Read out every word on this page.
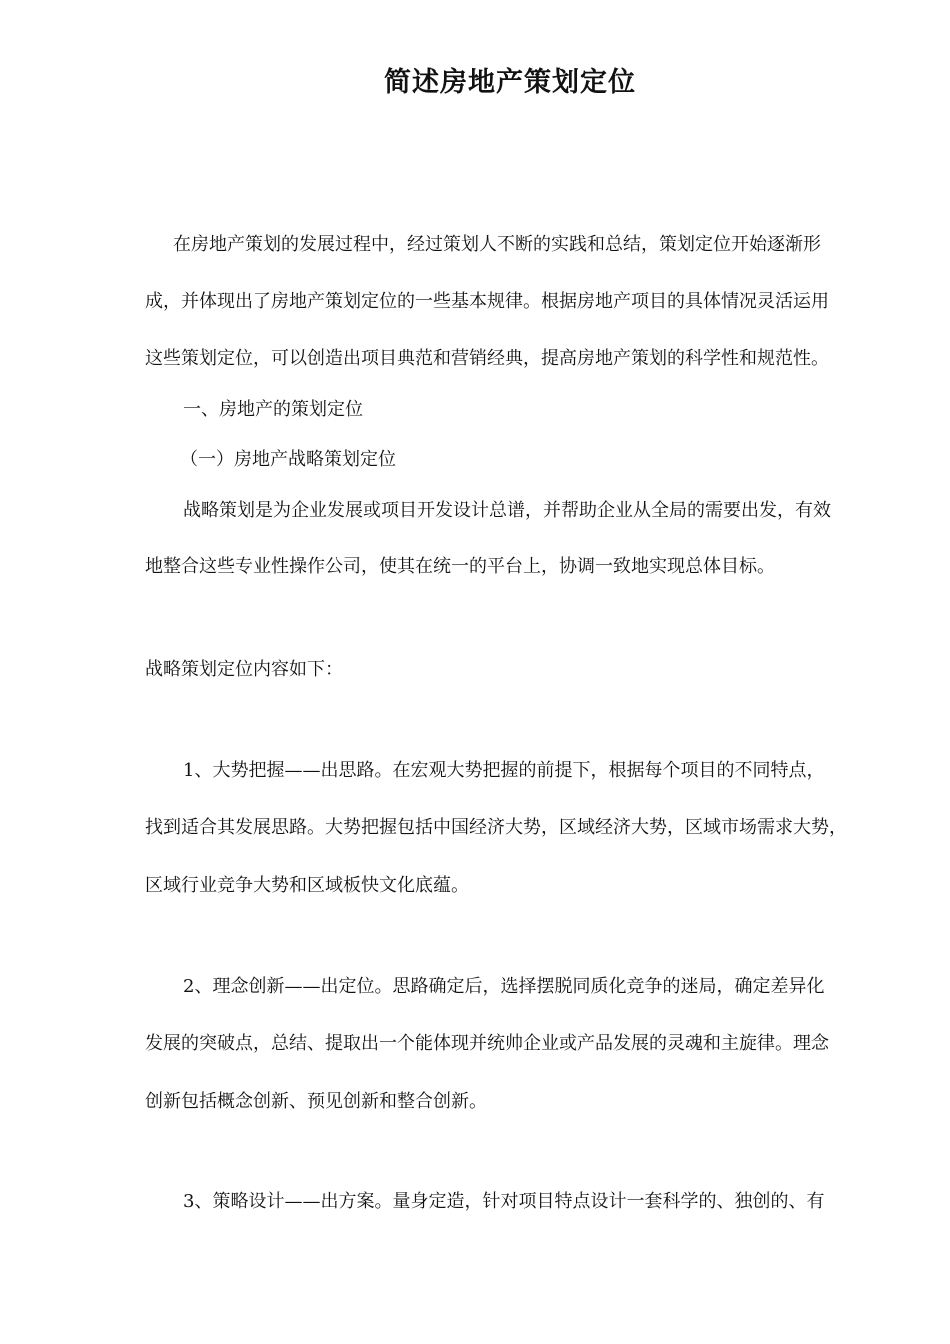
简述房地产策划定位
在房地产策划的发展过程中，经过策划人不断的实践和总结，策划定位开始逐渐形
成，并体现出了房地产策划定位的一些基本规律。根据房地产项目的具体情况灵活运用
这些策划定位，可以创造出项目典范和营销经典，提高房地产策划的科学性和规范性。
一、房地产的策划定位
（一）房地产战略策划定位
战略策划是为企业发展或项目开发设计总谱，并帮助企业从全局的需要出发，有效
地整合这些专业性操作公司，使其在统一的平台上，协调一致地实现总体目标。
战略策划定位内容如下：
1、大势把握——出思路。在宏观大势把握的前提下，根据每个项目的不同特点，
找到适合其发展思路。大势把握包括中国经济大势，区域经济大势，区域市场需求大势，
区域行业竞争大势和区域板快文化底蕴。
2、理念创新——出定位。思路确定后，选择摆脱同质化竞争的迷局，确定差异化
发展的突破点，总结、提取出一个能体现并统帅企业或产品发展的灵魂和主旋律。理念
创新包括概念创新、预见创新和整合创新。
3、策略设计——出方案。量身定造，针对项目特点设计一套科学的、独创的、有
